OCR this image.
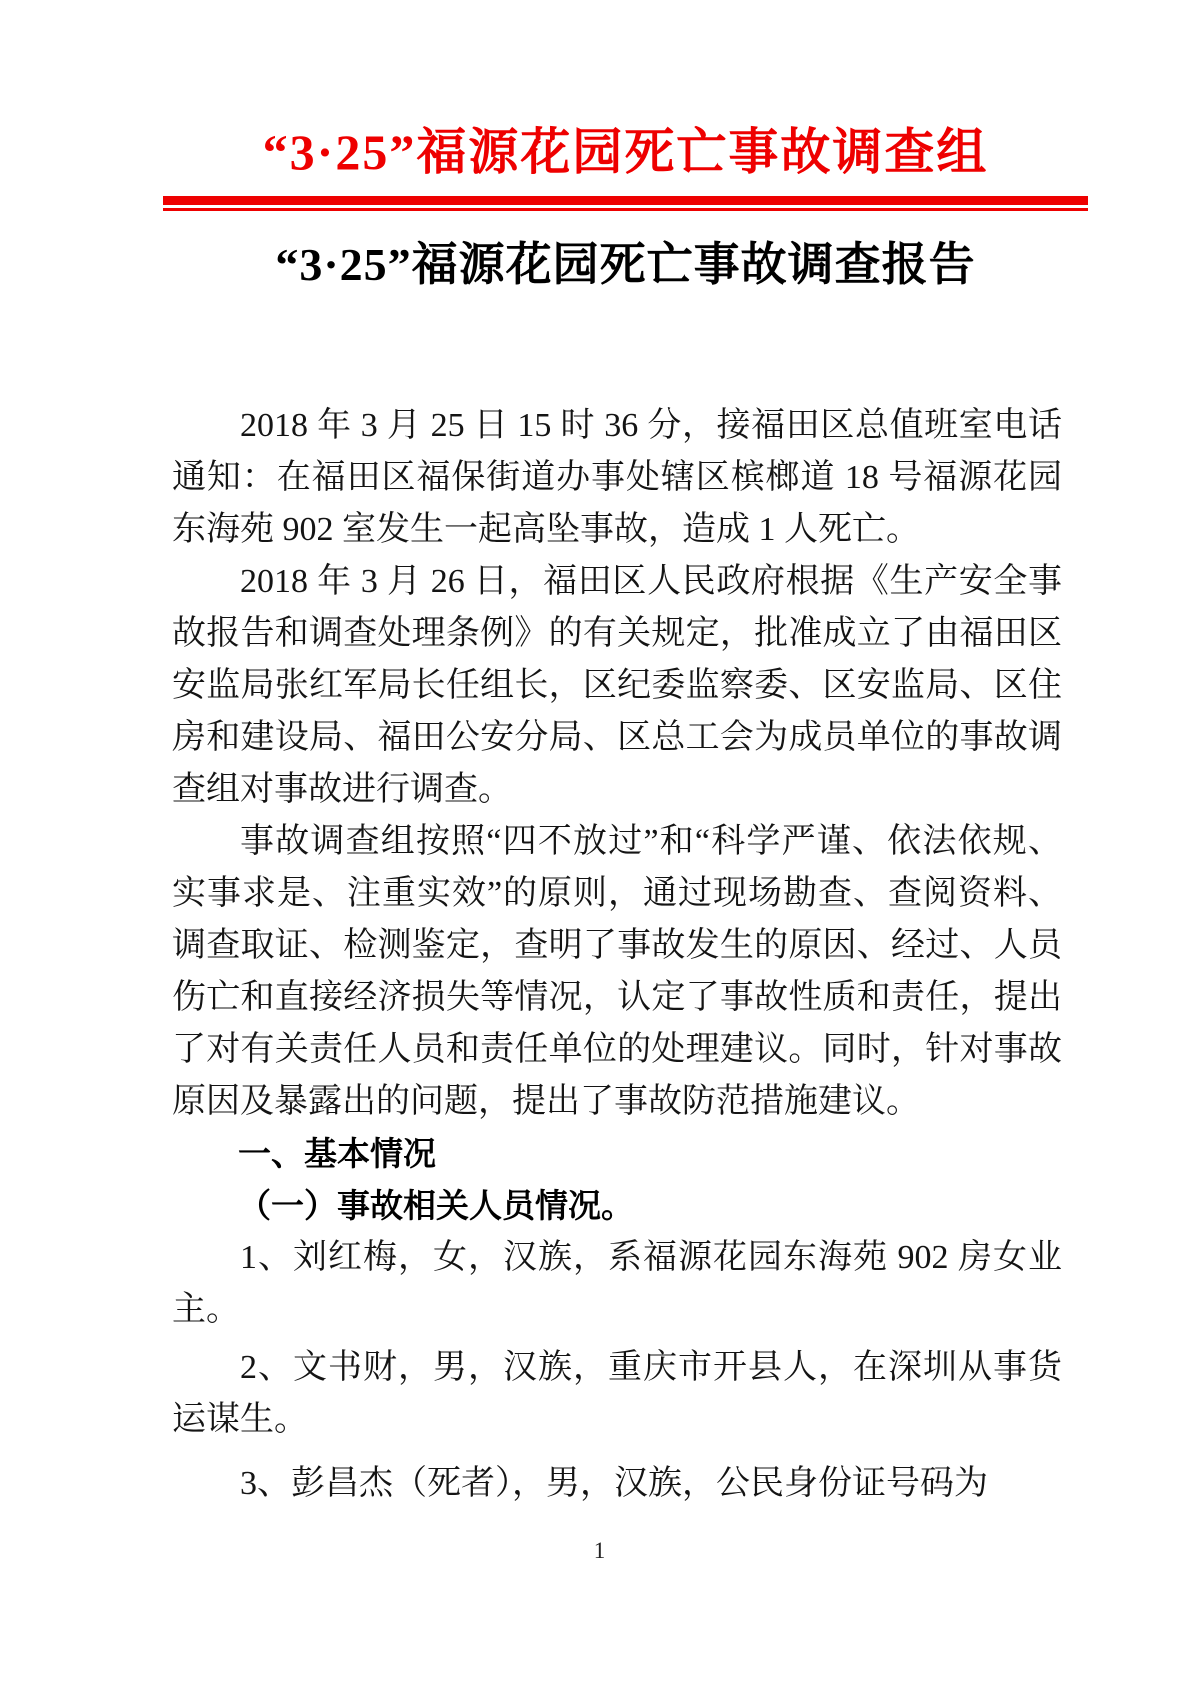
“3·25”福源花园死亡事故调查组
“3·25”福源花园死亡事故调查报告

2018 年 3 月 25 日 15 时 36 分，接福田区总值班室电话通知：在福田区福保街道办事处辖区槟榔道 18 号福源花园东海苑 902 室发生一起高坠事故，造成 1 人死亡。

2018 年 3 月 26 日，福田区人民政府根据《生产安全事故报告和调查处理条例》的有关规定，批准成立了由福田区安监局张红军局长任组长，区纪委监察委、区安监局、区住房和建设局、福田公安分局、区总工会为成员单位的事故调查组对事故进行调查。

事故调查组按照“四不放过”和“科学严谨、依法依规、实事求是、注重实效”的原则，通过现场勘查、查阅资料、调查取证、检测鉴定，查明了事故发生的原因、经过、人员伤亡和直接经济损失等情况，认定了事故性质和责任，提出了对有关责任人员和责任单位的处理建议。同时，针对事故原因及暴露出的问题，提出了事故防范措施建议。

一、基本情况

（一）事故相关人员情况。

1、刘红梅，女，汉族，系福源花园东海苑 902 房女业主。

2、文书财，男，汉族，重庆市开县人，在深圳从事货运谋生。

3、彭昌杰（死者），男，汉族，公民身份证号码为

1
